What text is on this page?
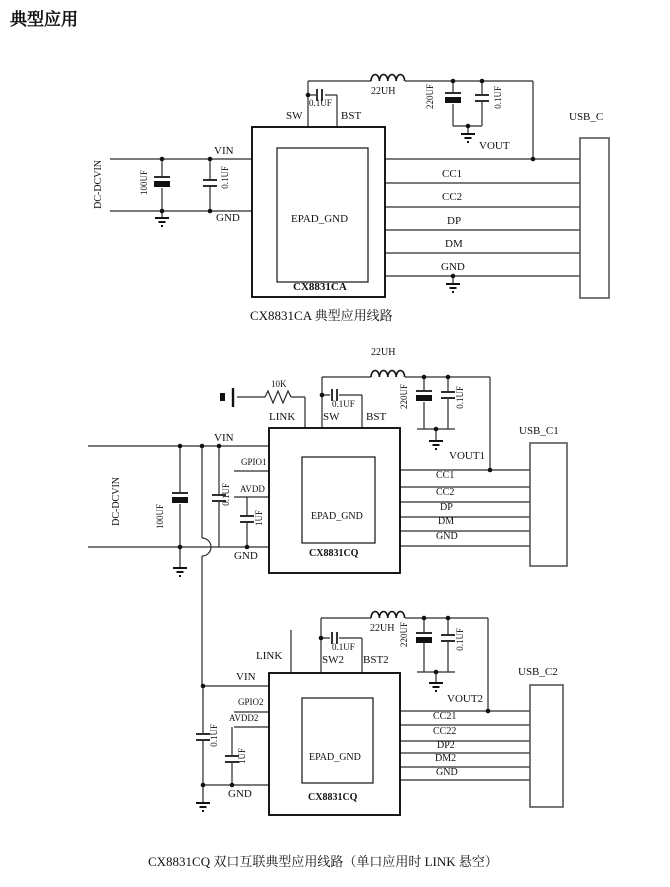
典型应用
DC-DCVIN	100UF	0.1UF
VIN
GND
SW	BST
0.1UF
22UH	220UF	0.1UF
VOUT
USB_C
CC1
CC2
DP
DM
GND
EPAD_GND
CX8831CA
CX8831CA 典型应用线路
10K
LINK	SW BST
0.1UF
22UH
220UF	0.1UF
VOUT1
USB_C1
VIN
GPIO1
AVDD
1UF
0.1UF
100UF
DC-DCVIN
GND
CC1
CC2
DP
DM
GND
EPAD_GND
CX8831CQ
LINK	SW2 BST2
0.1UF
22UH 220UF	0.1UF
VOUT2
USB_C2
VIN
GPIO2
AVDD2
1UF
0.1UF
GND
CC21
CC22
DP2
DM2
GND
EPAD_GND
CX8831CQ
CX8831CQ 双口互联典型应用线路（单口应用时 LINK 悬空）
